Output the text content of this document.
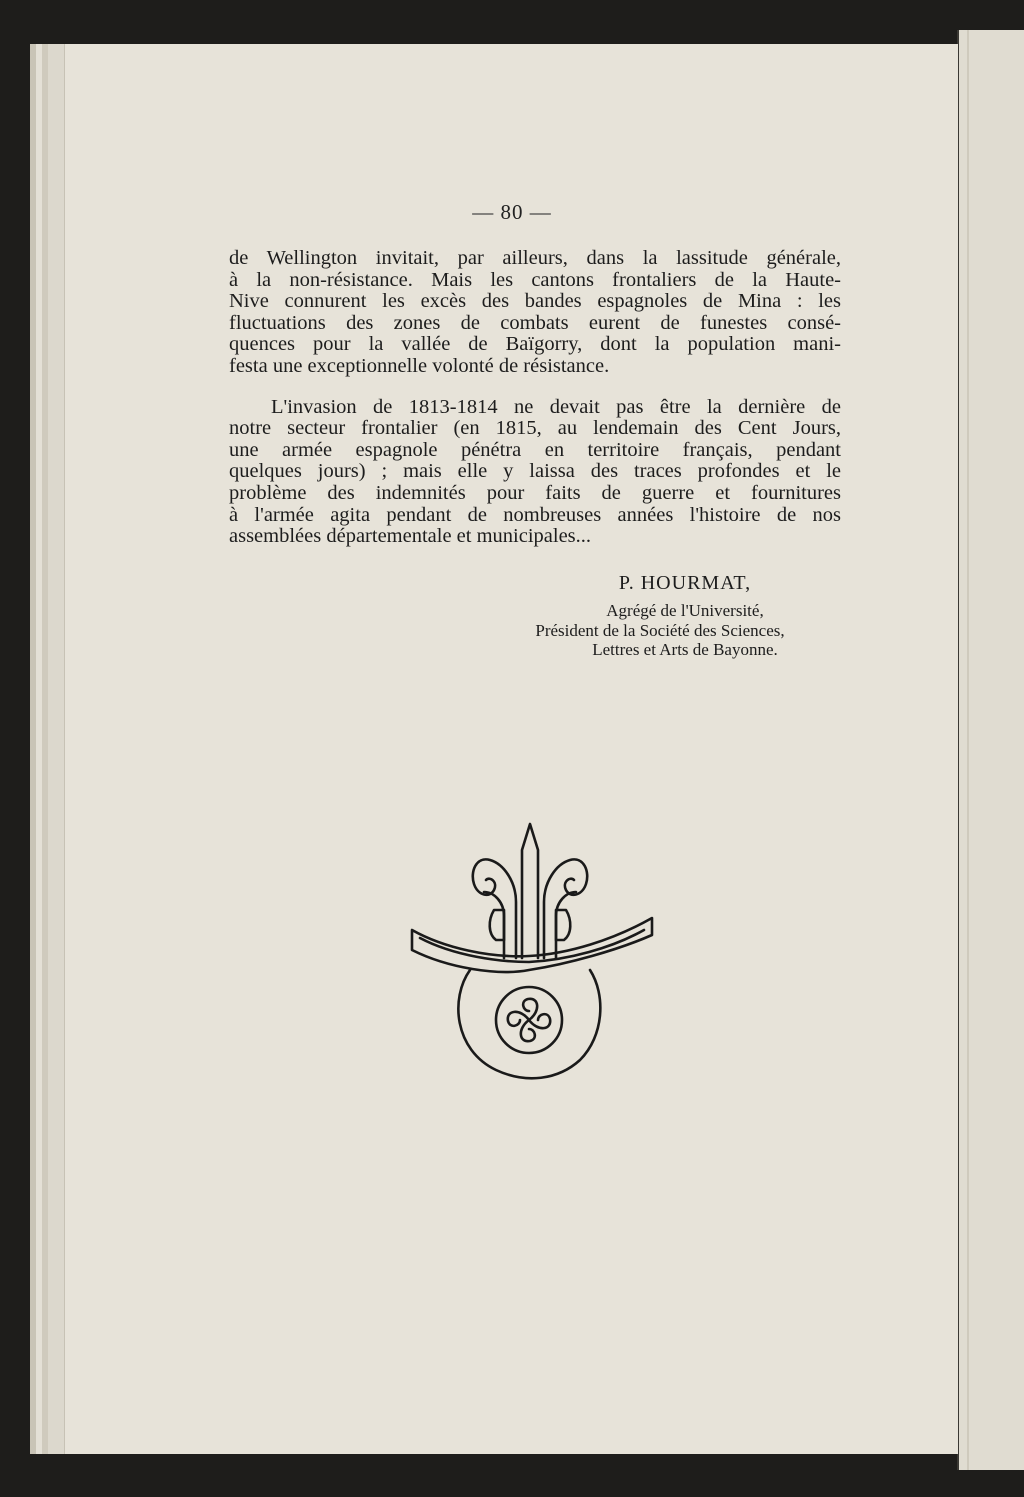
— 80 —
de Wellington invitait, par ailleurs, dans la lassitude générale,
à la non-résistance. Mais les cantons frontaliers de la Haute-
Nive connurent les excès des bandes espagnoles de Mina : les
fluctuations des zones de combats eurent de funestes consé-
quences pour la vallée de Baïgorry, dont la population mani-
festa une exceptionnelle volonté de résistance.
L'invasion de 1813-1814 ne devait pas être la dernière de
notre secteur frontalier (en 1815, au lendemain des Cent Jours,
une armée espagnole pénétra en territoire français, pendant
quelques jours) ; mais elle y laissa des traces profondes et le
problème des indemnités pour faits de guerre et fournitures
à l'armée agita pendant de nombreuses années l'histoire de nos
assemblées départementale et municipales...
P. HOURMAT,
Agrégé de l'Université,
Président de la Société des Sciences,
Lettres et Arts de Bayonne.
